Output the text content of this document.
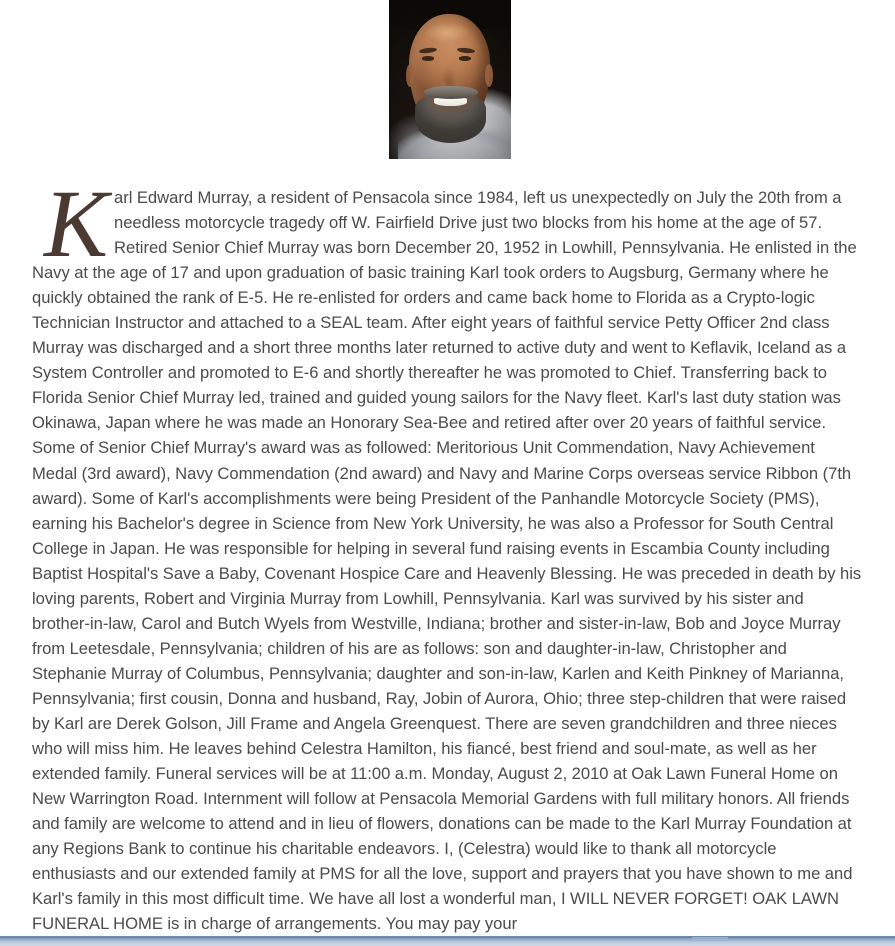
Karl Edward Murray, a resident of Pensacola since 1984, left us unexpectedly on July the 20th from a needless motorcycle tragedy off W. Fairfield Drive just two blocks from his home at the age of 57. Retired Senior Chief Murray was born December 20, 1952 in Lowhill, Pennsylvania. He enlisted in the Navy at the age of 17 and upon graduation of basic training Karl took orders to Augsburg, Germany where he quickly obtained the rank of E-5. He re-enlisted for orders and came back home to Florida as a Crypto-logic Technician Instructor and attached to a SEAL team. After eight years of faithful service Petty Officer 2nd class Murray was discharged and a short three months later returned to active duty and went to Keflavik, Iceland as a System Controller and promoted to E-6 and shortly thereafter he was promoted to Chief. Transferring back to Florida Senior Chief Murray led, trained and guided young sailors for the Navy fleet. Karl's last duty station was Okinawa, Japan where he was made an Honorary Sea-Bee and retired after over 20 years of faithful service. Some of Senior Chief Murray's award was as followed: Meritorious Unit Commendation, Navy Achievement Medal (3rd award), Navy Commendation (2nd award) and Navy and Marine Corps overseas service Ribbon (7th award). Some of Karl's accomplishments were being President of the Panhandle Motorcycle Society (PMS), earning his Bachelor's degree in Science from New York University, he was also a Professor for South Central College in Japan. He was responsible for helping in several fund raising events in Escambia County including Baptist Hospital's Save a Baby, Covenant Hospice Care and Heavenly Blessing. He was preceded in death by his loving parents, Robert and Virginia Murray from Lowhill, Pennsylvania. Karl was survived by his sister and brother-in-law, Carol and Butch Wyels from Westville, Indiana; brother and sister-in-law, Bob and Joyce Murray from Leetesdale, Pennsylvania; children of his are as follows: son and daughter-in-law, Christopher and Stephanie Murray of Columbus, Pennsylvania; daughter and son-in-law, Karlen and Keith Pinkney of Marianna, Pennsylvania; first cousin, Donna and husband, Ray, Jobin of Aurora, Ohio; three step-children that were raised by Karl are Derek Golson, Jill Frame and Angela Greenquest. There are seven grandchildren and three nieces who will miss him. He leaves behind Celestra Hamilton, his fiancé, best friend and soul-mate, as well as her extended family. Funeral services will be at 11:00 a.m. Monday, August 2, 2010 at Oak Lawn Funeral Home on New Warrington Road. Internment will follow at Pensacola Memorial Gardens with full military honors. All friends and family are welcome to attend and in lieu of flowers, donations can be made to the Karl Murray Foundation at any Regions Bank to continue his charitable endeavors. I, (Celestra) would like to thank all motorcycle enthusiasts and our extended family at PMS for all the love, support and prayers that you have shown to me and Karl's family in this most difficult time. We have all lost a wonderful man, I WILL NEVER FORGET! OAK LAWN FUNERAL HOME is in charge of arrangements. You may pay your
